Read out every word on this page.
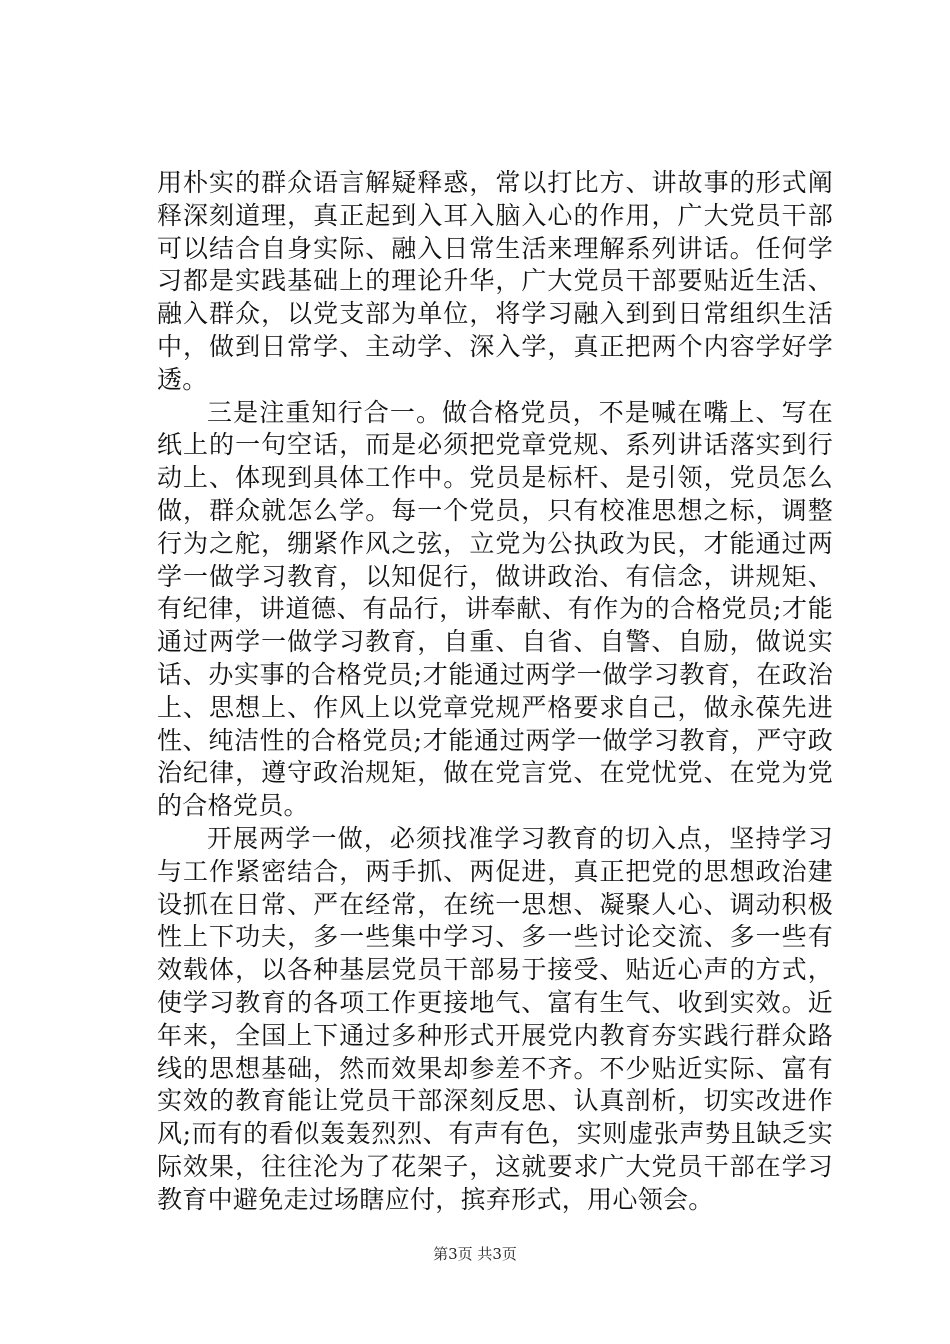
用朴实的群众语言解疑释惑，常以打比方、讲故事的形式阐释深刻道理，真正起到入耳入脑入心的作用，广大党员干部可以结合自身实际、融入日常生活来理解系列讲话。任何学习都是实践基础上的理论升华，广大党员干部要贴近生活、融入群众，以党支部为单位，将学习融入到到日常组织生活中，做到日常学、主动学、深入学，真正把两个内容学好学透。

三是注重知行合一。做合格党员，不是喊在嘴上、写在纸上的一句空话，而是必须把党章党规、系列讲话落实到行动上、体现到具体工作中。党员是标杆、是引领，党员怎么做，群众就怎么学。每一个党员，只有校准思想之标，调整行为之舵，绷紧作风之弦，立党为公执政为民，才能通过两学一做学习教育，以知促行，做讲政治、有信念，讲规矩、有纪律，讲道德、有品行，讲奉献、有作为的合格党员;才能通过两学一做学习教育，自重、自省、自警、自励，做说实话、办实事的合格党员;才能通过两学一做学习教育，在政治上、思想上、作风上以党章党规严格要求自己，做永葆先进性、纯洁性的合格党员;才能通过两学一做学习教育，严守政治纪律，遵守政治规矩，做在党言党、在党忧党、在党为党的合格党员。

开展两学一做，必须找准学习教育的切入点，坚持学习与工作紧密结合，两手抓、两促进，真正把党的思想政治建设抓在日常、严在经常，在统一思想、凝聚人心、调动积极性上下功夫，多一些集中学习、多一些讨论交流、多一些有效载体，以各种基层党员干部易于接受、贴近心声的方式，使学习教育的各项工作更接地气、富有生气、收到实效。近年来，全国上下通过多种形式开展党内教育夯实践行群众路线的思想基础，然而效果却参差不齐。不少贴近实际、富有实效的教育能让党员干部深刻反思、认真剖析，切实改进作风;而有的看似轰轰烈烈、有声有色，实则虚张声势且缺乏实际效果，往往沦为了花架子，这就要求广大党员干部在学习教育中避免走过场瞎应付，摈弃形式，用心领会。

第3页 共3页
